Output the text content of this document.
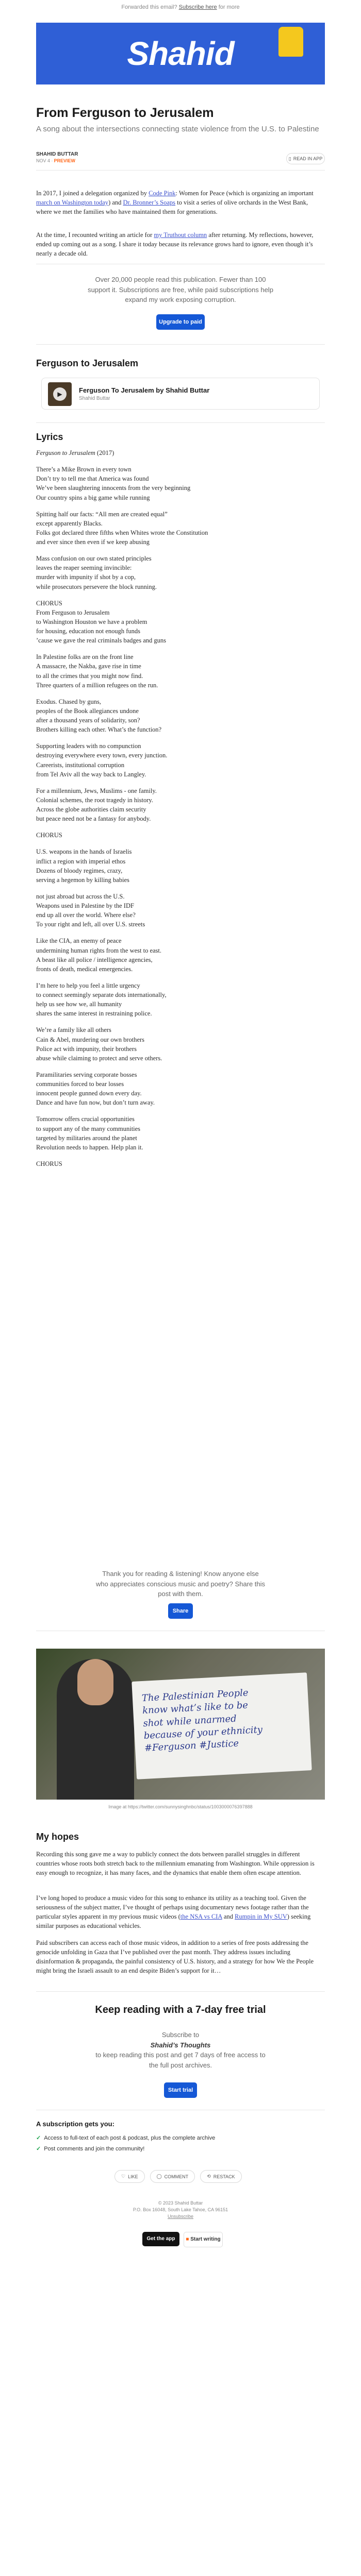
Forwarded this email? Subscribe here for more
Shahid
From Ferguson to Jerusalem
A song about the intersections connecting state violence from the U.S. to Palestine
SHAHID BUTTAR
NOV 4 ∙ PREVIEW	▯ READ IN APP
In 2017, I joined a delegation organized by Code Pink: Women for Peace (which is organizing an important march on Washington today) and Dr. Bronner’s Soaps to visit a series of olive orchards in the West Bank, where we met the families who have maintained them for generations.
At the time, I recounted writing an article for my Truthout column after returning. My reflections, however, ended up coming out as a song. I share it today because its relevance grows hard to ignore, even though it’s nearly a decade old.
Over 20,000 people read this publication. Fewer than 100 support it. Subscriptions are free, while paid subscriptions help expand my work exposing corruption.
Upgrade to paid
Ferguson to Jerusalem
▶	Ferguson To Jerusalem by Shahid Buttar
Shahid Buttar
Lyrics
Ferguson to Jerusalem (2017)

There’s a Mike Brown in every town

Don’t try to tell me that America was found

We’ve been slaughtering innocents from the very beginning

Our country spins a big game while running

Spitting half our facts: “All men are created equal”

except apparently Blacks.

Folks got declared three fifths when Whites wrote the Constitution

and ever since then even if we keep abusing

Mass confusion on our own stated principles

leaves the reaper seeming invincible:

murder with impunity if shot by a cop,

while prosecutors persevere the block running.

CHORUS

From Ferguson to Jerusalem

to Washington Houston we have a problem

for housing, education not enough funds

’cause we gave the real criminals badges and guns

In Palestine folks are on the front line

A massacre, the Nakba, gave rise in time

to all the crimes that you might now find.

Three quarters of a million refugees on the run.

Exodus. Chased by guns,

peoples of the Book allegiances undone

after a thousand years of solidarity, son?

Brothers killing each other. What’s the function?

Supporting leaders with no compunction

destroying everywhere every town, every junction.

Careerists, institutional corruption

from Tel Aviv all the way back to Langley.

For a millennium, Jews, Muslims - one family.

Colonial schemes, the root tragedy in history.

Across the globe authorities claim security

but peace need not be a fantasy for anybody.

CHORUS

U.S. weapons in the hands of Israelis

inflict a region with imperial ethos

Dozens of bloody regimes, crazy,

serving a hegemon by killing babies

not just abroad but across the U.S.

Weapons used in Palestine by the IDF

end up all over the world. Where else?

To your right and left, all over U.S. streets

Like the CIA, an enemy of peace

undermining human rights from the west to east.

A beast like all police / intelligence agencies,

fronts of death, medical emergencies.

I’m here to help you feel a little urgency

to connect seemingly separate dots internationally,

help us see how we, all humanity

shares the same interest in restraining police.

We’re a family like all others

Cain & Abel, murdering our own brothers

Police act with impunity, their brothers

abuse while claiming to protect and serve others.

Paramilitaries serving corporate bosses

communities forced to bear losses

innocent people gunned down every day.

Dance and have fun now, but don’t turn away.

Tomorrow offers crucial opportunities

to support any of the many communities

targeted by militaries around the planet

Revolution needs to happen. Help plan it.

CHORUS

Thank you for reading & listening! Know anyone else who appreciates conscious music and poetry? Share this post with them.
Share
The Palestinian People
know what’s like to be
shot while unarmed
because of your ethnicity
#Ferguson #Justice
Image at https://twitter.com/sunnysinghnbc/status/1003000076397888
My hopes
Recording this song gave me a way to publicly connect the dots between parallel struggles in different countries whose roots both stretch back to the millennium emanating from Washington. While oppression is easy enough to recognize, it has many faces, and the dynamics that enable them often escape attention.
I’ve long hoped to produce a music video for this song to enhance its utility as a teaching tool. Given the seriousness of the subject matter, I’ve thought of perhaps using documentary news footage rather than the particular styles apparent in my previous music videos (the NSA vs CIA and Rumpin in My SUV) seeking similar purposes as educational vehicles.
Paid subscribers can access each of those music videos, in addition to a series of free posts addressing the genocide unfolding in Gaza that I’ve published over the past month. They address issues including disinformation & propaganda, the painful consistency of U.S. history, and a strategy for how We the People might bring the Israeli assault to an end despite Biden’s support for it…
Keep reading with a 7-day free trial
Subscribe to
Shahid’s Thoughts
to keep reading this post and get 7 days of free access to the full post archives.
Start trial
A subscription gets you:
✓ Access to full-text of each post & podcast, plus the complete archive
✓ Post comments and join the community!
♡ LIKE	◯ COMMENT	⟲ RESTACK
© 2023 Shahid Buttar
P.O. Box 16048, South Lake Tahoe, CA 96151
Unsubscribe
Get the app	■ Start writing
